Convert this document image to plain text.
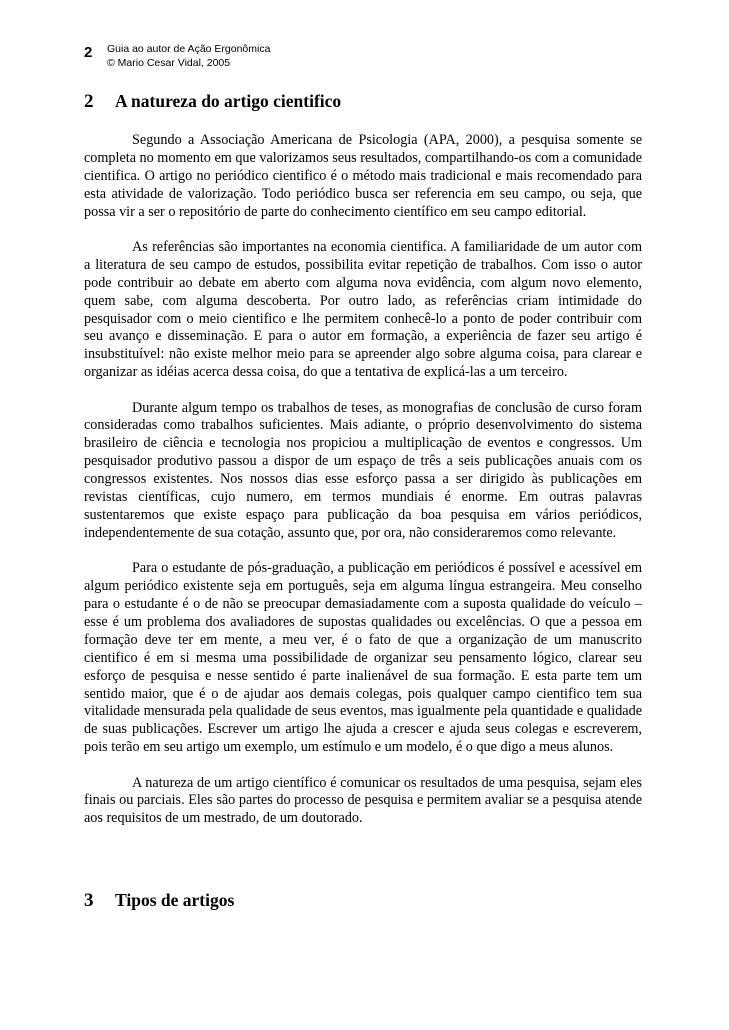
2 Guia ao autor de Ação Ergonômica
© Mario Cesar Vidal, 2005
2 A natureza do artigo cientifico

Segundo a Associação Americana de Psicologia (APA, 2000), a pesquisa somente se completa no momento em que valorizamos seus resultados, compartilhando-os com a comunidade cientifica. O artigo no periódico cientifico é o método mais tradicional e mais recomendado para esta atividade de valorização. Todo periódico busca ser referencia em seu campo, ou seja, que possa vir a ser o repositório de parte do conhecimento científico em seu campo editorial.

As referências são importantes na economia cientifica. A familiaridade de um autor com a literatura de seu campo de estudos, possibilita evitar repetição de trabalhos. Com isso o autor pode contribuir ao debate em aberto com alguma nova evidência, com algum novo elemento, quem sabe, com alguma descoberta. Por outro lado, as referências criam intimidade do pesquisador com o meio cientifico e lhe permitem conhecê-lo a ponto de poder contribuir com seu avanço e disseminação. E para o autor em formação, a experiência de fazer seu artigo é insubstituível: não existe melhor meio para se apreender algo sobre alguma coisa, para clarear e organizar as idéias acerca dessa coisa, do que a tentativa de explicá-las a um terceiro.

Durante algum tempo os trabalhos de teses, as monografias de conclusão de curso foram consideradas como trabalhos suficientes. Mais adiante, o próprio desenvolvimento do sistema brasileiro de ciência e tecnologia nos propiciou a multiplicação de eventos e congressos. Um pesquisador produtivo passou a dispor de um espaço de três a seis publicações anuais com os congressos existentes. Nos nossos dias esse esforço passa a ser dirigido às publicações em revistas científicas, cujo numero, em termos mundiais é enorme. Em outras palavras sustentaremos que existe espaço para publicação da boa pesquisa em vários periódicos, independentemente de sua cotação, assunto que, por ora, não consideraremos como relevante.

Para o estudante de pós-graduação, a publicação em periódicos é possível e acessível em algum periódico existente seja em português, seja em alguma língua estrangeira. Meu conselho para o estudante é o de não se preocupar demasiadamente com a suposta qualidade do veículo – esse é um problema dos avaliadores de supostas qualidades ou excelências. O que a pessoa em formação deve ter em mente, a meu ver, é o fato de que a organização de um manuscrito cientifico é em si mesma uma possibilidade de organizar seu pensamento lógico, clarear seu esforço de pesquisa e nesse sentido é parte inalienável de sua formação. E esta parte tem um sentido maior, que é o de ajudar aos demais colegas, pois qualquer campo cientifico tem sua vitalidade mensurada pela qualidade de seus eventos, mas igualmente pela quantidade e qualidade de suas publicações. Escrever um artigo lhe ajuda a crescer e ajuda seus colegas e escreverem, pois terão em seu artigo um exemplo, um estímulo e um modelo, é o que digo a meus alunos.

A natureza de um artigo científico é comunicar os resultados de uma pesquisa, sejam eles finais ou parciais. Eles são partes do processo de pesquisa e permitem avaliar se a pesquisa atende aos requisitos de um mestrado, de um doutorado.

3 Tipos de artigos
